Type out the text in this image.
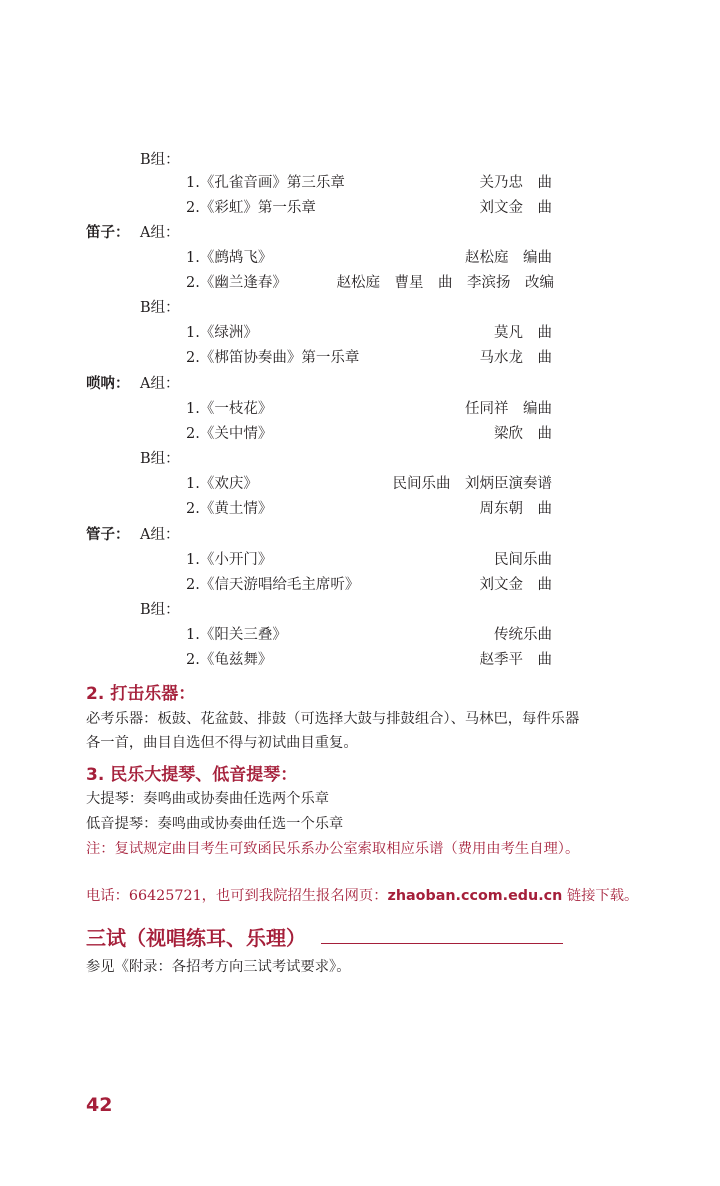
B组：
1.《孔雀音画》第三乐章	关乃忠　曲
2.《彩虹》第一乐章	刘文金　曲
笛子： A组：
1.《鹧鸪飞》	赵松庭　编曲
2.《幽兰逢春》	赵松庭　曹星　曲　李滨扬　改编
B组：
1.《绿洲》	莫凡　曲
2.《梆笛协奏曲》第一乐章	马水龙　曲
唢呐： A组：
1.《一枝花》	任同祥　编曲
2.《关中情》	梁欣　曲
B组：
1.《欢庆》	民间乐曲　刘炳臣演奏谱
2.《黄土情》	周东朝　曲
管子： A组：
1.《小开门》	民间乐曲
2.《信天游唱给毛主席听》	刘文金　曲
B组：
1.《阳关三叠》	传统乐曲
2.《龟兹舞》	赵季平　曲
2. 打击乐器：
必考乐器：板鼓、花盆鼓、排鼓（可选择大鼓与排鼓组合）、马林巴，每件乐器各一首，曲目自选但不得与初试曲目重复。
3. 民乐大提琴、低音提琴：
大提琴：奏鸣曲或协奏曲任选两个乐章
低音提琴：奏鸣曲或协奏曲任选一个乐章
注：复试规定曲目考生可致函民乐系办公室索取相应乐谱（费用由考生自理）。
电话：66425721，也可到我院招生报名网页：zhaoban.ccom.edu.cn 链接下载。
三试（视唱练耳、乐理）
参见《附录：各招考方向三试考试要求》。
42
